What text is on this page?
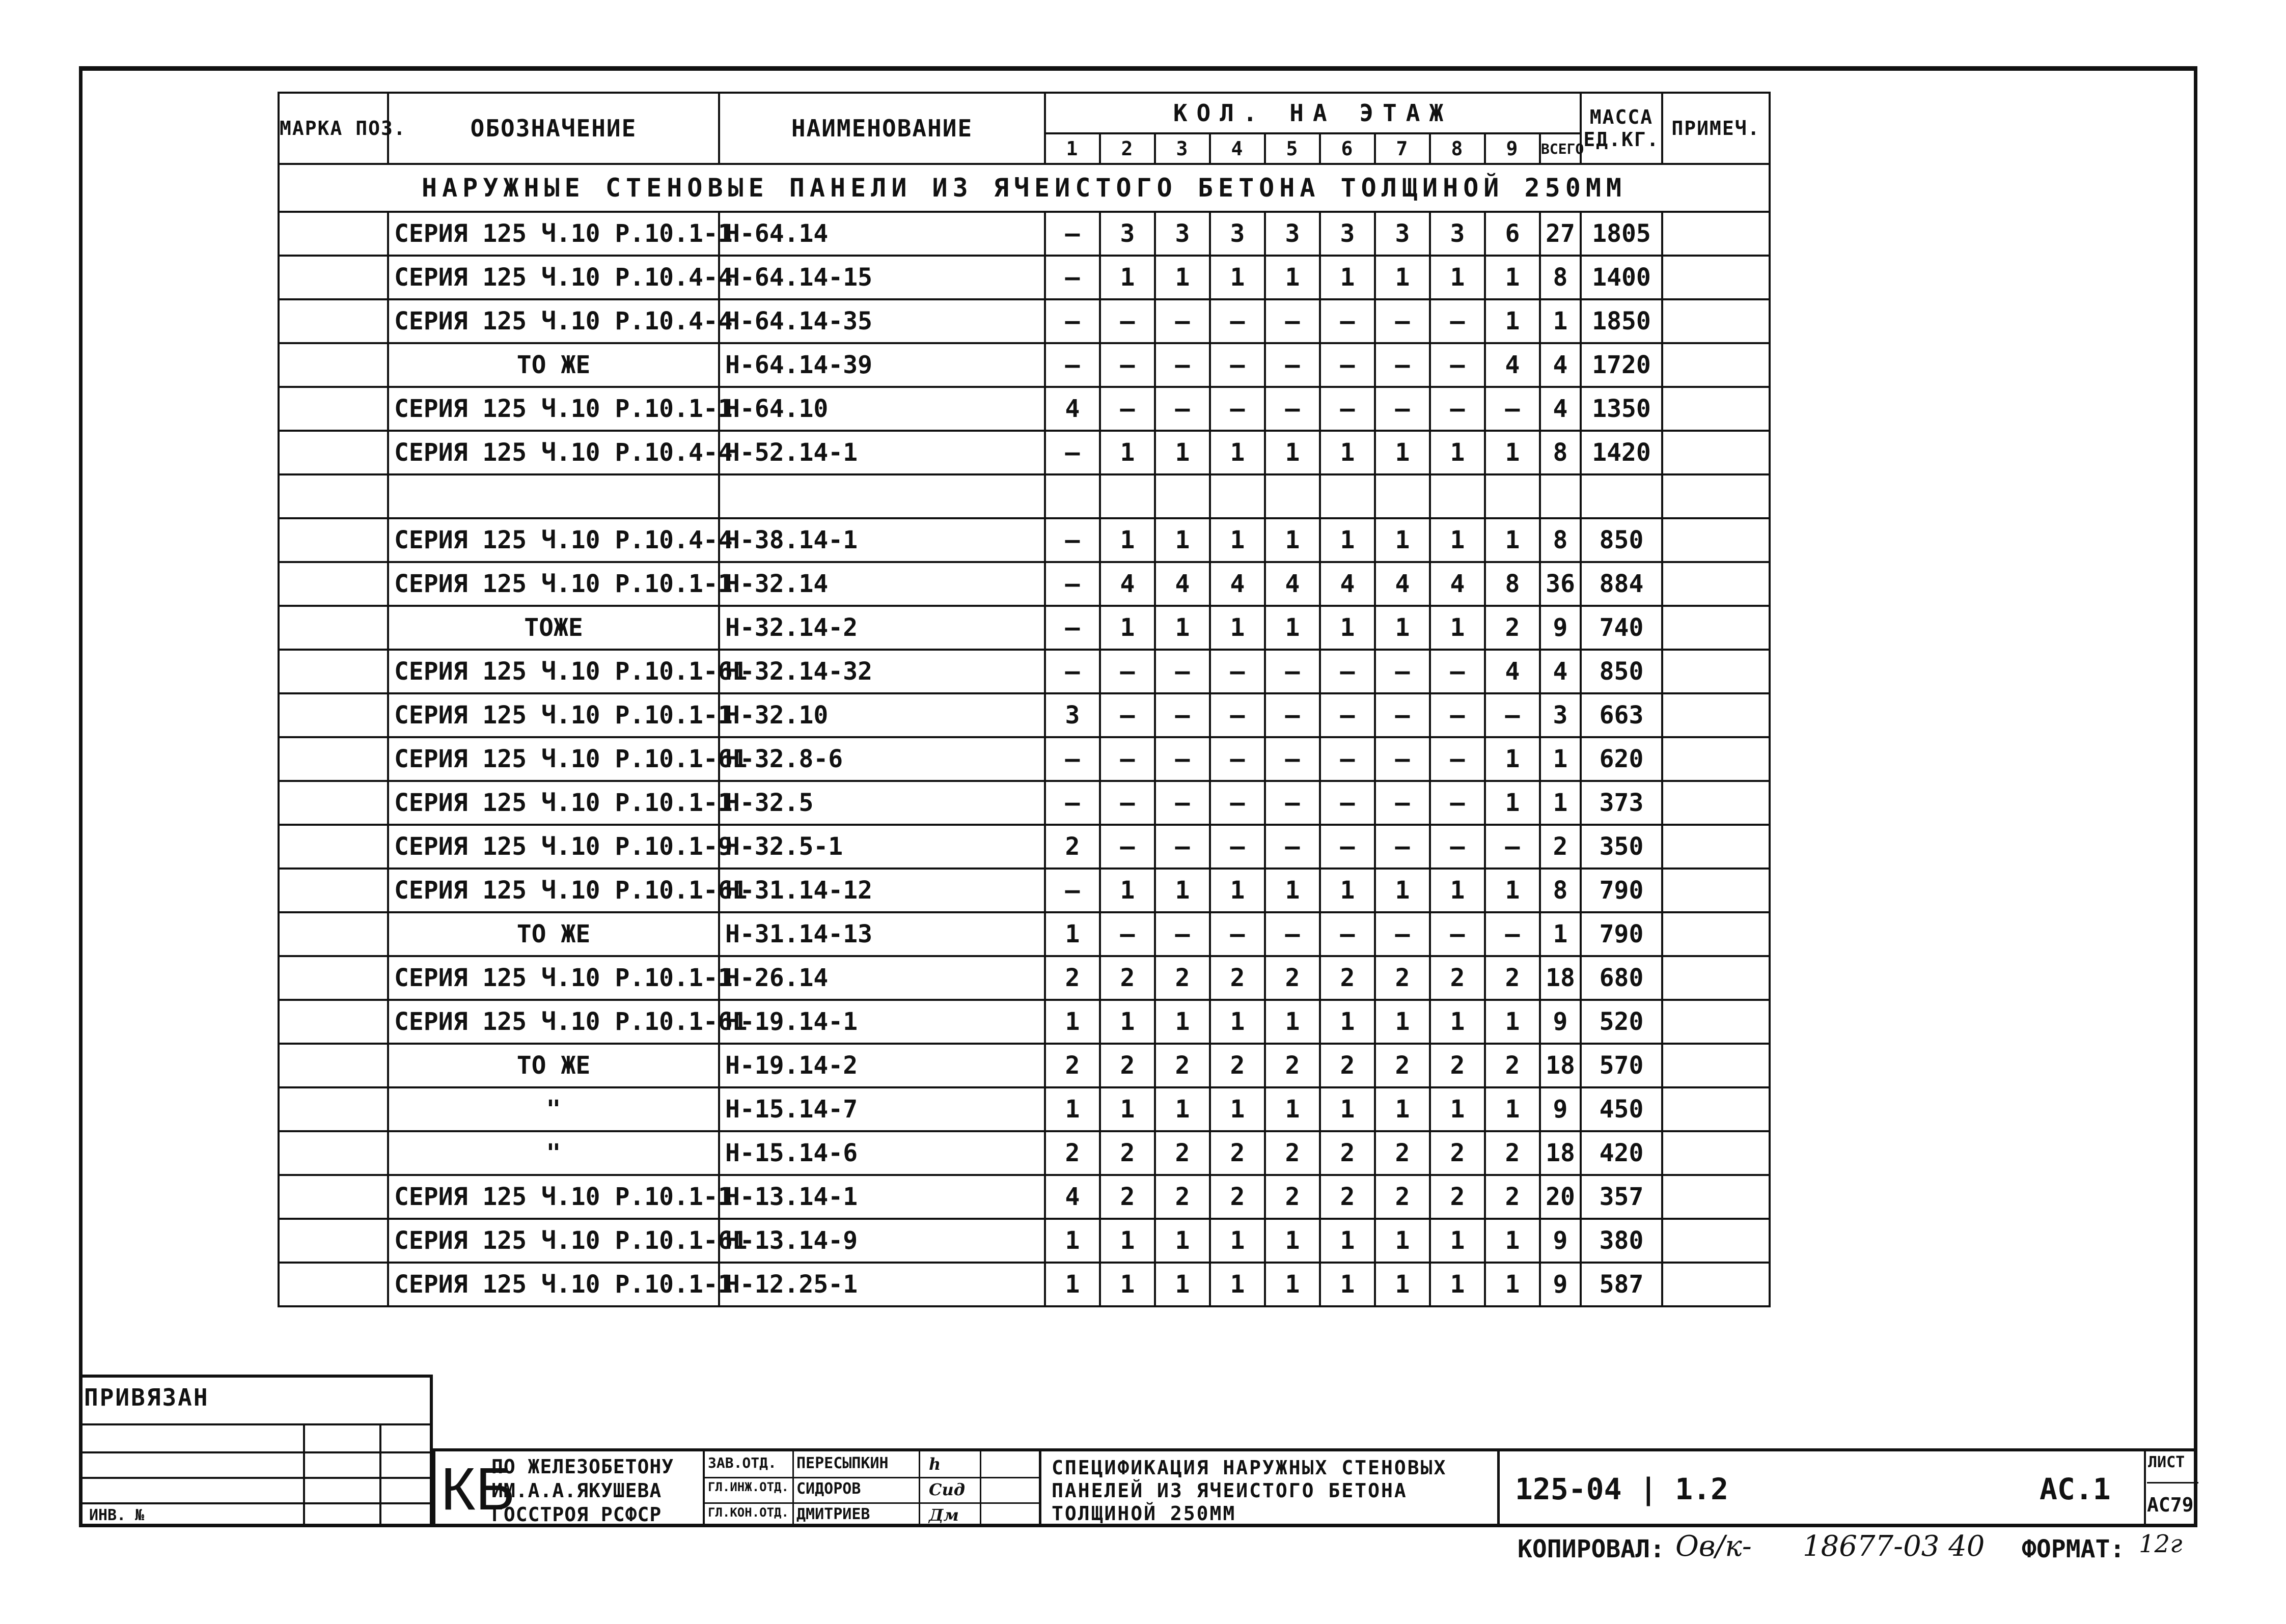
МАРКА ПОЗ.	ОБОЗНАЧЕНИЕ	НАИМЕНОВАНИЕ	КОЛ. НА ЭТАЖ										МАССА ЕД.КГ.	ПРИМЕЧ.
			1	2	3	4	5	6	7	8	9	ВСЕГО		
НАРУЖНЫЕ СТЕНОВЫЕ ПАНЕЛИ ИЗ ЯЧЕИСТОГО БЕТОНА ТОЛЩИНОЙ 250ММ														
	СЕРИЯ 125 Ч.10 Р.10.1-1	Н-64.14	—	3	3	3	3	3	3	3	6	27	1805	
	СЕРИЯ 125 Ч.10 Р.10.4-4	Н-64.14-15	—	1	1	1	1	1	1	1	1	8	1400	
	СЕРИЯ 125 Ч.10 Р.10.4-4	Н-64.14-35	—	—	—	—	—	—	—	—	1	1	1850	
	ТО ЖЕ	Н-64.14-39	—	—	—	—	—	—	—	—	4	4	1720	
	СЕРИЯ 125 Ч.10 Р.10.1-1	Н-64.10	4	—	—	—	—	—	—	—	—	4	1350	
	СЕРИЯ 125 Ч.10 Р.10.4-4	Н-52.14-1	—	1	1	1	1	1	1	1	1	8	1420	

	СЕРИЯ 125 Ч.10 Р.10.4-4	Н-38.14-1	—	1	1	1	1	1	1	1	1	8	850	
	СЕРИЯ 125 Ч.10 Р.10.1-1	Н-32.14	—	4	4	4	4	4	4	4	8	36	884	
	ТОЖЕ	Н-32.14-2	—	1	1	1	1	1	1	1	2	9	740	
	СЕРИЯ 125 Ч.10 Р.10.1-61	Н-32.14-32	—	—	—	—	—	—	—	—	4	4	850	
	СЕРИЯ 125 Ч.10 Р.10.1-1	Н-32.10	3	—	—	—	—	—	—	—	—	3	663	
	СЕРИЯ 125 Ч.10 Р.10.1-61	Н-32.8-6	—	—	—	—	—	—	—	—	1	1	620	
	СЕРИЯ 125 Ч.10 Р.10.1-1	Н-32.5	—	—	—	—	—	—	—	—	1	1	373	
	СЕРИЯ 125 Ч.10 Р.10.1-9	Н-32.5-1	2	—	—	—	—	—	—	—	—	2	350	
	СЕРИЯ 125 Ч.10 Р.10.1-61	Н-31.14-12	—	1	1	1	1	1	1	1	1	8	790	
	ТО ЖЕ	Н-31.14-13	1	—	—	—	—	—	—	—	—	1	790	
	СЕРИЯ 125 Ч.10 Р.10.1-1	Н-26.14	2	2	2	2	2	2	2	2	2	18	680	
	СЕРИЯ 125 Ч.10 Р.10.1-61	Н-19.14-1	1	1	1	1	1	1	1	1	1	9	520	
	ТО ЖЕ	Н-19.14-2	2	2	2	2	2	2	2	2	2	18	570	
	"	Н-15.14-7	1	1	1	1	1	1	1	1	1	9	450	
	"	Н-15.14-6	2	2	2	2	2	2	2	2	2	18	420	
	СЕРИЯ 125 Ч.10 Р.10.1-1	Н-13.14-1	4	2	2	2	2	2	2	2	2	20	357	
	СЕРИЯ 125 Ч.10 Р.10.1-61	Н-13.14-9	1	1	1	1	1	1	1	1	1	9	380	
	СЕРИЯ 125 Ч.10 Р.10.1-1	Н-12.25-1	1	1	1	1	1	1	1	1	1	9	587	
ПРИВЯЗАН
ИНВ. №	КБ
ПО ЖЕЛЕЗОБЕТОНУ
ИМ.А.А.ЯКУШЕВА
ГОССТРОЯ РСФСР
ЗАВ.ОТД. ПЕРЕСЫПКИН ℎ
ГЛ.ИНЖ.ОТД. СИДОРОВ	Сид
ГЛ.КОН.ОТД. ДМИТРИЕВ	Дм
СПЕЦИФИКАЦИЯ НАРУЖНЫХ СТЕНОВЫХ
ПАНЕЛЕЙ ИЗ ЯЧЕИСТОГО БЕТОНА
ТОЛЩИНОЙ 250ММ
125-04 | 1.2	АС.1
ЛИСТ
АС79
КОПИРОВАЛ: Ов/к- 18677-03 40 ФОРМАТ: 12г
